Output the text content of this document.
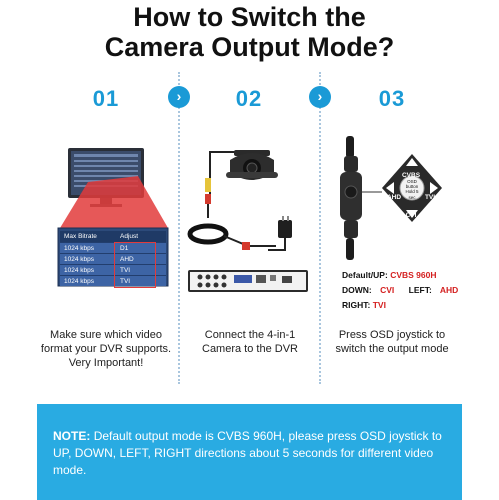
How to Switch the
Camera Output Mode?
01	02	03
›	›
Max Bitrate	Adjust
1024 kbps	D1
1024 kbps	AHD
1024 kbps	TVI
1024 kbps	TVI
CVBS
CVI
AHD	TVI
OSD
button
Hold 5
sec
Default/UP: CVBS 960H
DOWN: CVI LEFT: AHD
RIGHT: TVI
Make sure which video
format your DVR supports.
Very Important!
Connect the 4-in-1
Camera to the DVR
Press OSD joystick to
switch the output mode
NOTE: Default output mode is CVBS 960H, please press OSD joystick to UP, DOWN, LEFT, RIGHT directions about 5 seconds for different video mode.
